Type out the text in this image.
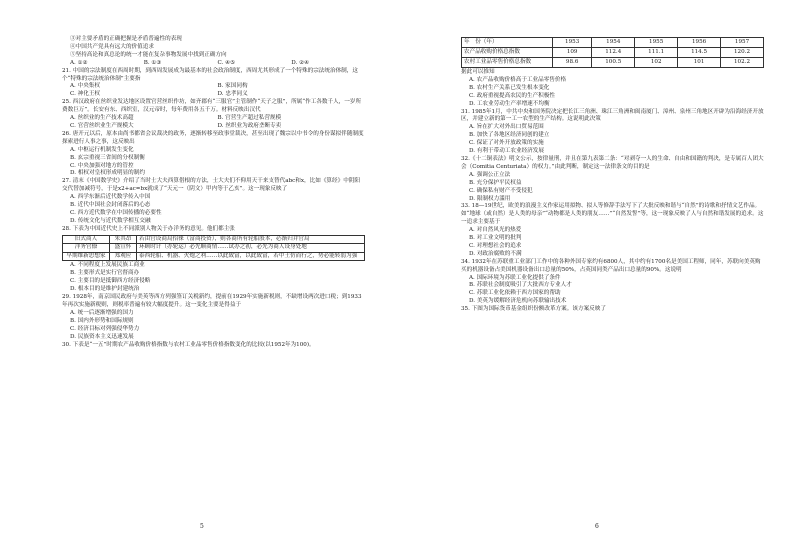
③对主要矛盾的正确把握是矛盾普遍性的表现

④中国共产党具有远大的价值追求

⑤坚持高论和真总论的统一才能在复杂事物发展中找到正确方向

A. ①②	B. ①③	C. ④⑤	D. ②④

21. 中国的宗法制度在西周时期，到西周发展成为最基本的社会政治制度，西周尤其形成了一个特殊的宗法统治体制，这个“特殊的宗法统治体制”主要指

A. 中央集权	B. 家国同构
C. 神化王权	D. 忠孝同义

25. 西汉政府在丝织业发达地区设置官营丝织作坊，如齐郡有“三服官”主管制作“天子之服”，所属“作工各数千人，一岁所费数巨万”。长安有东、西织室，汉元帝时，每年费用各五千万。材料反映出汉代

A. 丝织业的生产技术高超	B. 官营生产超过私营规模
C. 官营丝织业生产规模大	D. 丝织业为政府垄断专卖

26. 唐开元以后，原本由尚书都省会议裁决的政务，逐渐转移至政事堂裁决，甚至出现了魏宗以中书令的身份谋拟伴随制度探索进行人事之事，这反映出

A. 中枢运行机制发生变化

B. 玄宗重视三省间的分权制衡

C. 中央加强对地方的管控

D. 相权对皇权形成明显的制约

27. 清末《中国数学史》介绍了当时士大夫西算借根的方法，士大夫们不仰用天干来支替代abc和x，比如《算经》中阴阳交代替加减符号，于是x2+ac=bx就成了“天元一（阴文）甲内等于乙亥”。这一现象反映了

A. 西学东渐后近代数学传入中国

B. 近代中国社会封闭落后的心态

C. 西方近代数学在中国传播的必要性

D. 传统文化与近代数学相互交融

28. 下表为中国近代史上不同派别人物关于办洋务的意见。他们都主张

旧式商人	朱其昂	若由官设商局招徕（富商投资），则各商所有轮船股本，必渐归并官局
洋务官僚	盛宣怀	环顾时计（办轮运）必先顺商情……试办之初，必先为商人设身处地
早期维新思想家	郑观应	泰西轮船、机器、火炮之利……以此致富，以此致富，若中土仿而行之，势必能转弱为强

A. 不同程度上发展民族工商业

B. 主要形式是实行官督商办

C. 主要目的是抵御西方经济侵略

D. 根本目的是维护封建统治

29. 1928年，南京国民政府与美英等西方列强签订关税新约，提前在1929年实施新税则，不缺增设两次进口税；到1933年再次实施新税则，则税率普遍有较大幅度提升。这一变化主要是得益于

A. 统一后逐渐增强的国力

B. 国内外形势和国际规则

C. 经济目标对列强侵华势力

D. 民族资本主义迅速发展

30. 下表是“一五”时期农产品收购价格指数与农村工业品零售价格指数变化的比较(以1952年为100)。

5
年　份（年）	1953	1954	1955	1956	1957
农产品收购价格总指数	109	112.4	111.1	114.5	120.2
农村工业品零售价格总指数	98.6	100.5	102	101	102.2

据此可以推知

A. 农产品收购价格高于工业品零售价格

B. 农村生产关系已发生根本变化

C. 政府重视提高农民的生产积极性

D. 工农业劳动生产率增速不均衡

31. 1985年1月，中共中央和国务院决定把长江三角洲、珠江三角洲和闽南厦门、漳州、泉州三角地区开辟为沿海经济开放区，并建立新的第一工一农型的生产结构。这说明此决策

A. 旨在扩大对外出口贸易范围

B. 加快了各地区经济同创的建立

C. 保证了对外开放政策的实施

D. 有利于带动工农业经济发展

32.《十二铜表法》明文公示，按律量刑，并且在第九表第二条：“对剥夺一人的生命、自由和国籍的判决，是专属百人团大会（Comitia Centuriata）的权力。”由此判断，制定这一法律条文的目的是

A. 强调公正立法

B. 充分保护平民权益

C. 确保私有财产不受侵犯

D. 限制权力滥用

33. 18—19世纪，欧美的浪漫主义作家运用拟物、拟人等修辞手法写下了大批反映和谐与“自然”的诗歌和抒情文艺作品。如“地球（或自然）是人类的母亲”“动物都是人类的朋友……”“自然发誓”等，这一现象反映了人与自然和谐发展的追求。这一追求主要基于

A. 对自然风光的热爱

B. 对工业文明的批判

C. 对理想社会的追求

D. 对政治腐败的不满

34. 1932年在苏联重工业部门工作中的各种外国专家约有6800人，其中约有1700名是美国工程师，同年，苏联向美英购买的机器设备占美国机器设备出口总量的50%，占英国同类产品出口总量的90%。这说明

A. 国际环境为苏联工业化提供了条件

B. 苏联社会制度吸引了大批西方专业人才

C. 苏联工业化依赖于西方国家的帮助

D. 美英为缓解经济危机向苏联输出技术

35. 下图为国际货币基金组织份额改革方案。该方案反映了

6
